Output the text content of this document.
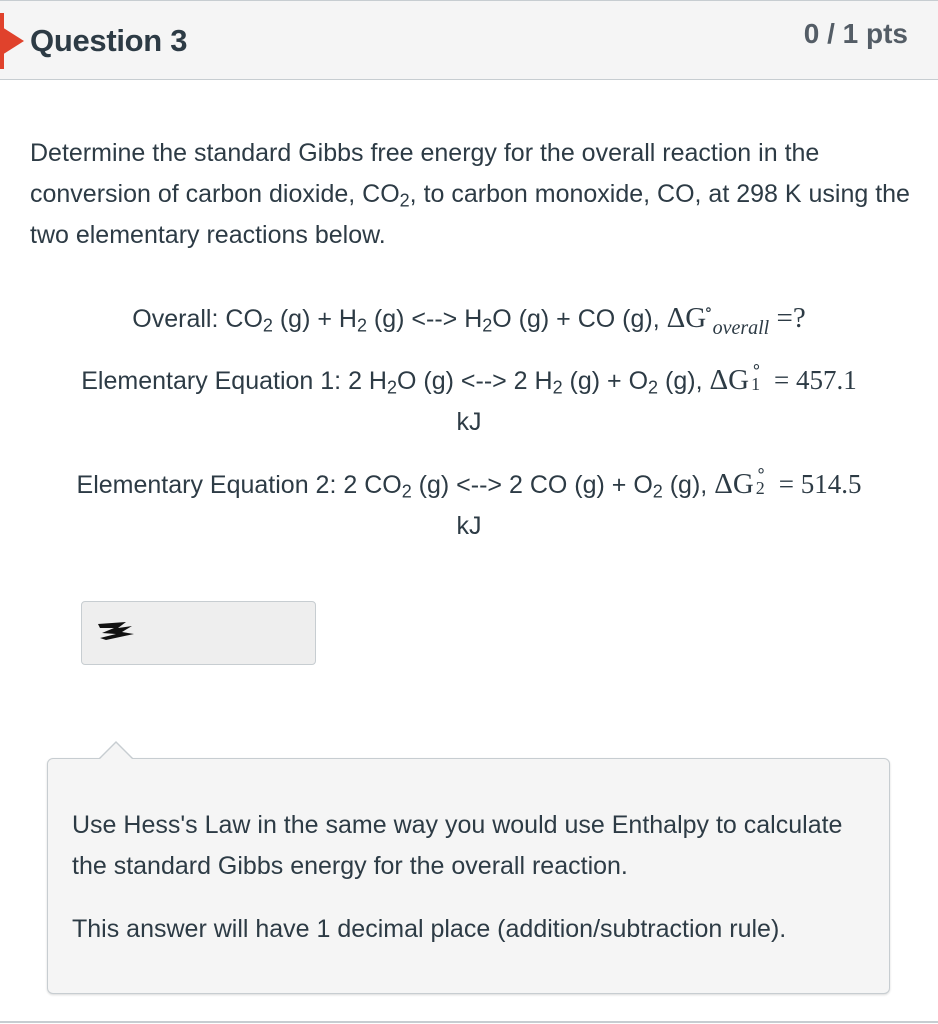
Question 3	0 / 1 pts
Determine the standard Gibbs free energy for the overall reaction in the conversion of carbon dioxide, $CO_2$, to carbon monoxide, CO, at 298 K using the two elementary reactions below.
Overall: $CO_2$ $(g) + H_2$ (g) <--> $H_2O$ (g) + CO (g), $\Delta G^\circ_{overall}$ =?
Elementary Equation 1: 2 $H_2O$ (g) <--> 2 $H_2$ $(g) + O_2$ (g), ΔG ∘
1 = 457.1
kJ
Elementary Equation 2: 2 $CO_2$ (g) <--> 2 CO $(g) + O_2$ (g), ΔG ∘
2 = 514.5
kJ
Use Hess's Law in the same way you would use Enthalpy to calculate the standard Gibbs energy for the overall reaction.
This answer will have 1 decimal place (addition/subtraction rule).
